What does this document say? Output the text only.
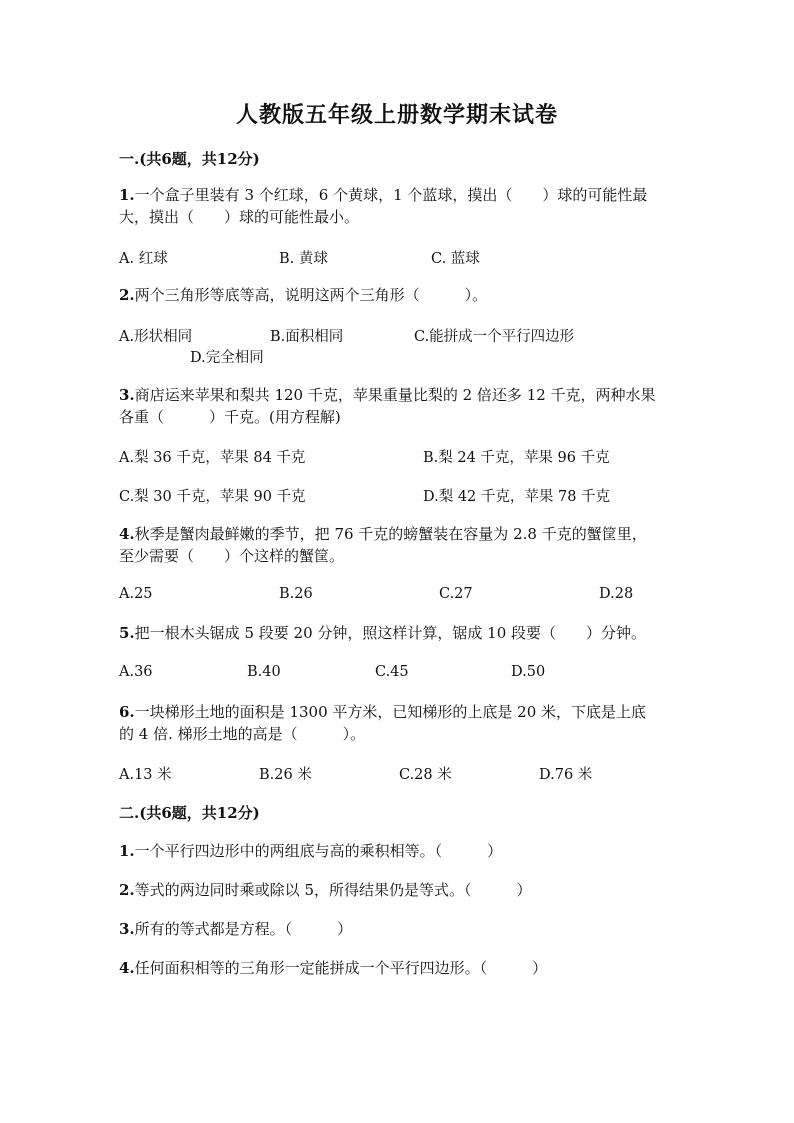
人教版五年级上册数学期末试卷
一.(共6题，共12分)
1.一个盒子里装有 3 个红球，6 个黄球，1 个蓝球，摸出（　　）球的可能性最
大，摸出（　　）球的可能性最小。
A. 红球	B. 黄球	C. 蓝球
2.两个三角形等底等高，说明这两个三角形（　　　）。
A.形状相同	B.面积相同	C.能拼成一个平行四边形
D.完全相同
3.商店运来苹果和梨共 120 千克，苹果重量比梨的 2 倍还多 12 千克，两种水果
各重（　　　）千克。(用方程解)
A.梨 36 千克，苹果 84 千克	B.梨 24 千克，苹果 96 千克
C.梨 30 千克，苹果 90 千克	D.梨 42 千克，苹果 78 千克
4.秋季是蟹肉最鲜嫩的季节，把 76 千克的螃蟹装在容量为 2.8 千克的蟹筐里，
至少需要（　　）个这样的蟹筐。
A.25	B.26	C.27	D.28
5.把一根木头锯成 5 段要 20 分钟，照这样计算，锯成 10 段要（　　）分钟。
A.36	B.40	C.45	D.50
6.一块梯形土地的面积是 1300 平方米，已知梯形的上底是 20 米，下底是上底
的 4 倍. 梯形土地的高是（　　　）。
A.13 米	B.26 米	C.28 米	D.76 米
二.(共6题，共12分)
1.一个平行四边形中的两组底与高的乘积相等。（　　　）
2.等式的两边同时乘或除以 5，所得结果仍是等式。（　　　）
3.所有的等式都是方程。（　　　）
4.任何面积相等的三角形一定能拼成一个平行四边形。（　　　）
